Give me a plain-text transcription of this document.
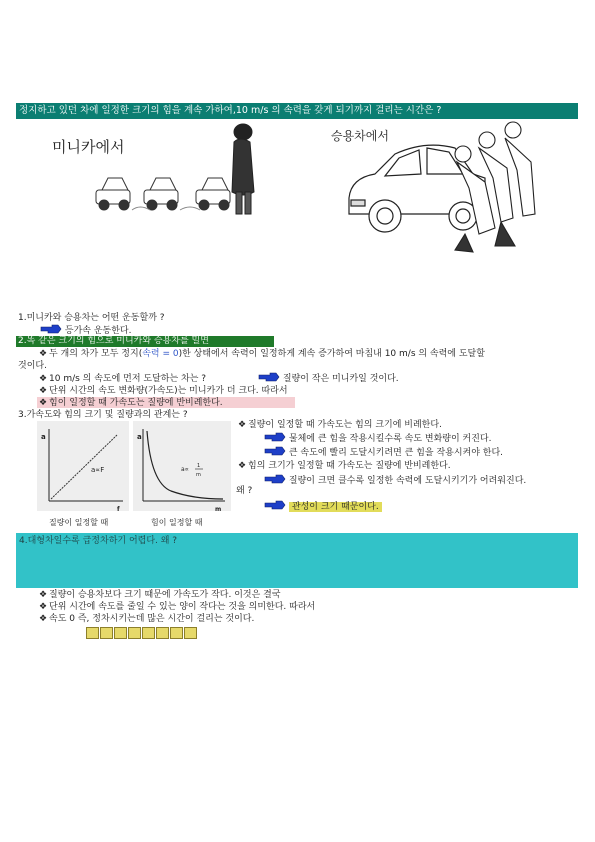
정지하고 있던 차에 일정한 크기의 힘을 계속 가하여,10 m/s 의 속력을 갖게 되기까지 걸리는 시간은 ?
미니카에서
승용차에서
1.미니카와 승용차는 어떤 운동할까 ?
등가속 운동한다.
2.똑 같은 크기의 힘으로 미니카와 승용차를 밀면
❖ 두 개의 차가 모두 정지(속력 = 0)한 상태에서 속력이 일정하게 계속 증가하여 마침내 10 m/s 의 속력에 도달할
것이다.
❖ 10 m/s 의 속도에 먼저 도달하는 차는 ?	질량이 작은 미니카일 것이다.
❖ 단위 시간의 속도 변화량(가속도)는 미니카가 더 크다. 따라서
❖ 힘이 일정할 때 가속도는 질량에 반비례한다.
3.가속도와 힘의 크기 및 질량과의 관계는 ?
a
f
a∝F
a
m
a∝ 1
m
질량이 일정할 때	힘이 일정할 때
❖ 질량이 일정할 때 가속도는 힘의 크기에 비례한다.
물체에 큰 힘을 작용시킬수록 속도 변화량이 커진다.
큰 속도에 빨리 도달시키려면 큰 힘을 작용시켜야 한다.
❖ 힘의 크기가 일정할 때 가속도는 질량에 반비례한다.
질량이 크면 클수록 일정한 속력에 도달시키기가 어려워진다.
왜 ?
관성이 크기 때문이다.
4.대형차일수록 급정차하기 어렵다. 왜 ?
❖ 질량이 승용차보다 크기 때문에 가속도가 작다. 이것은 결국
❖ 단위 시간에 속도를 줄일 수 있는 양이 작다는 것을 의미한다. 따라서
❖ 속도 0 즉, 정차시키는데 많은 시간이 걸리는 것이다.
